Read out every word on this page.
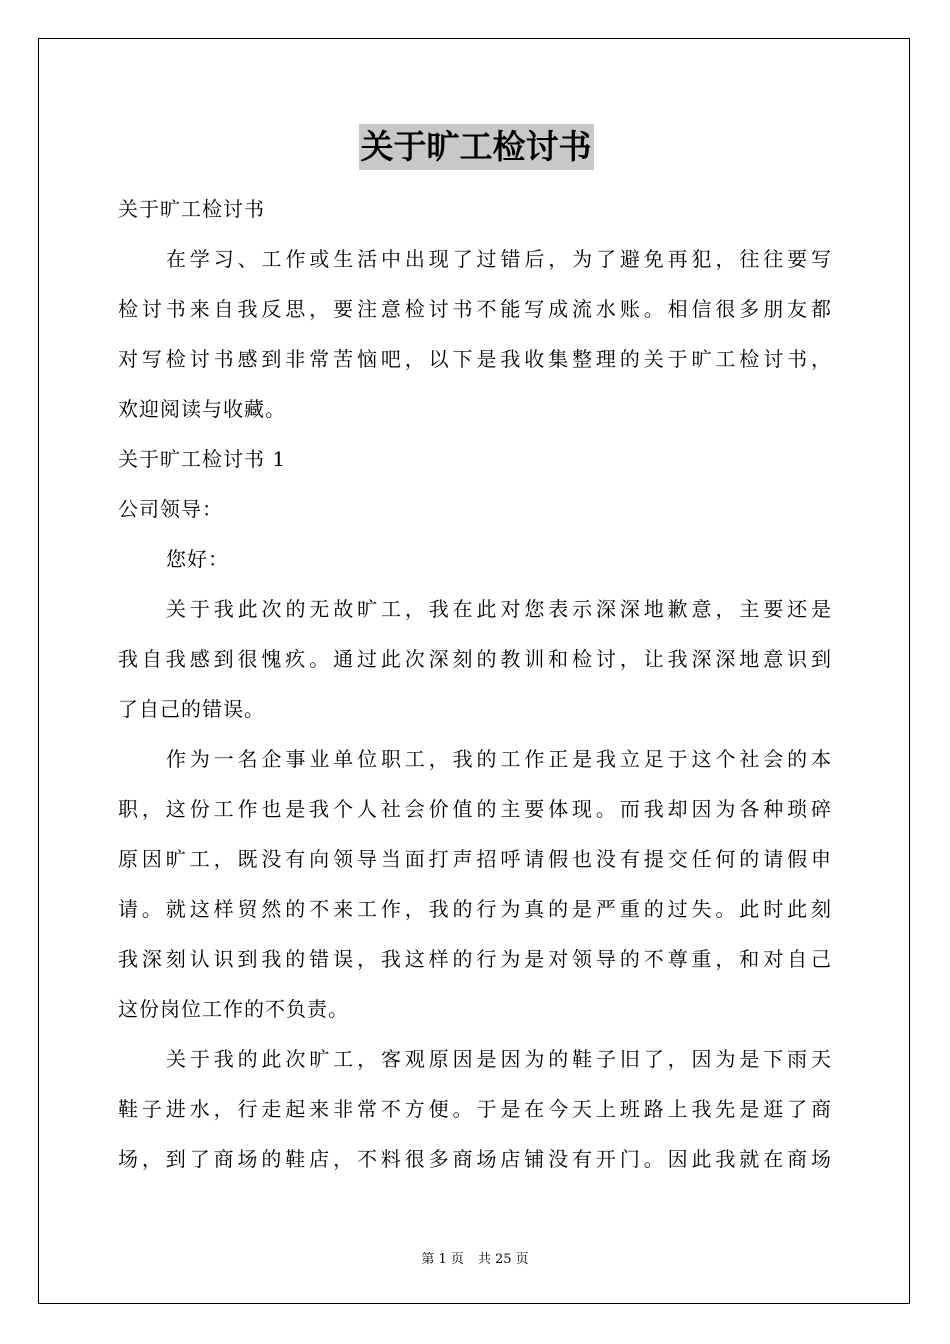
关于旷工检讨书

关于旷工检讨书

在学习、工作或生活中出现了过错后，为了避免再犯，往往要写

检讨书来自我反思，要注意检讨书不能写成流水账。相信很多朋友都

对写检讨书感到非常苦恼吧，以下是我收集整理的关于旷工检讨书，

欢迎阅读与收藏。

关于旷工检讨书 1

公司领导：

您好：

关于我此次的无故旷工，我在此对您表示深深地歉意，主要还是

我自我感到很愧疚。通过此次深刻的教训和检讨，让我深深地意识到

了自己的错误。

作为一名企事业单位职工，我的工作正是我立足于这个社会的本

职，这份工作也是我个人社会价值的主要体现。而我却因为各种琐碎

原因旷工，既没有向领导当面打声招呼请假也没有提交任何的请假申

请。就这样贸然的不来工作，我的行为真的是严重的过失。此时此刻

我深刻认识到我的错误，我这样的行为是对领导的不尊重，和对自己

这份岗位工作的不负责。

关于我的此次旷工，客观原因是因为的鞋子旧了，因为是下雨天

鞋子进水，行走起来非常不方便。于是在今天上班路上我先是逛了商

场，到了商场的鞋店，不料很多商场店铺没有开门。因此我就在商场

第 1 页 共 25 页
